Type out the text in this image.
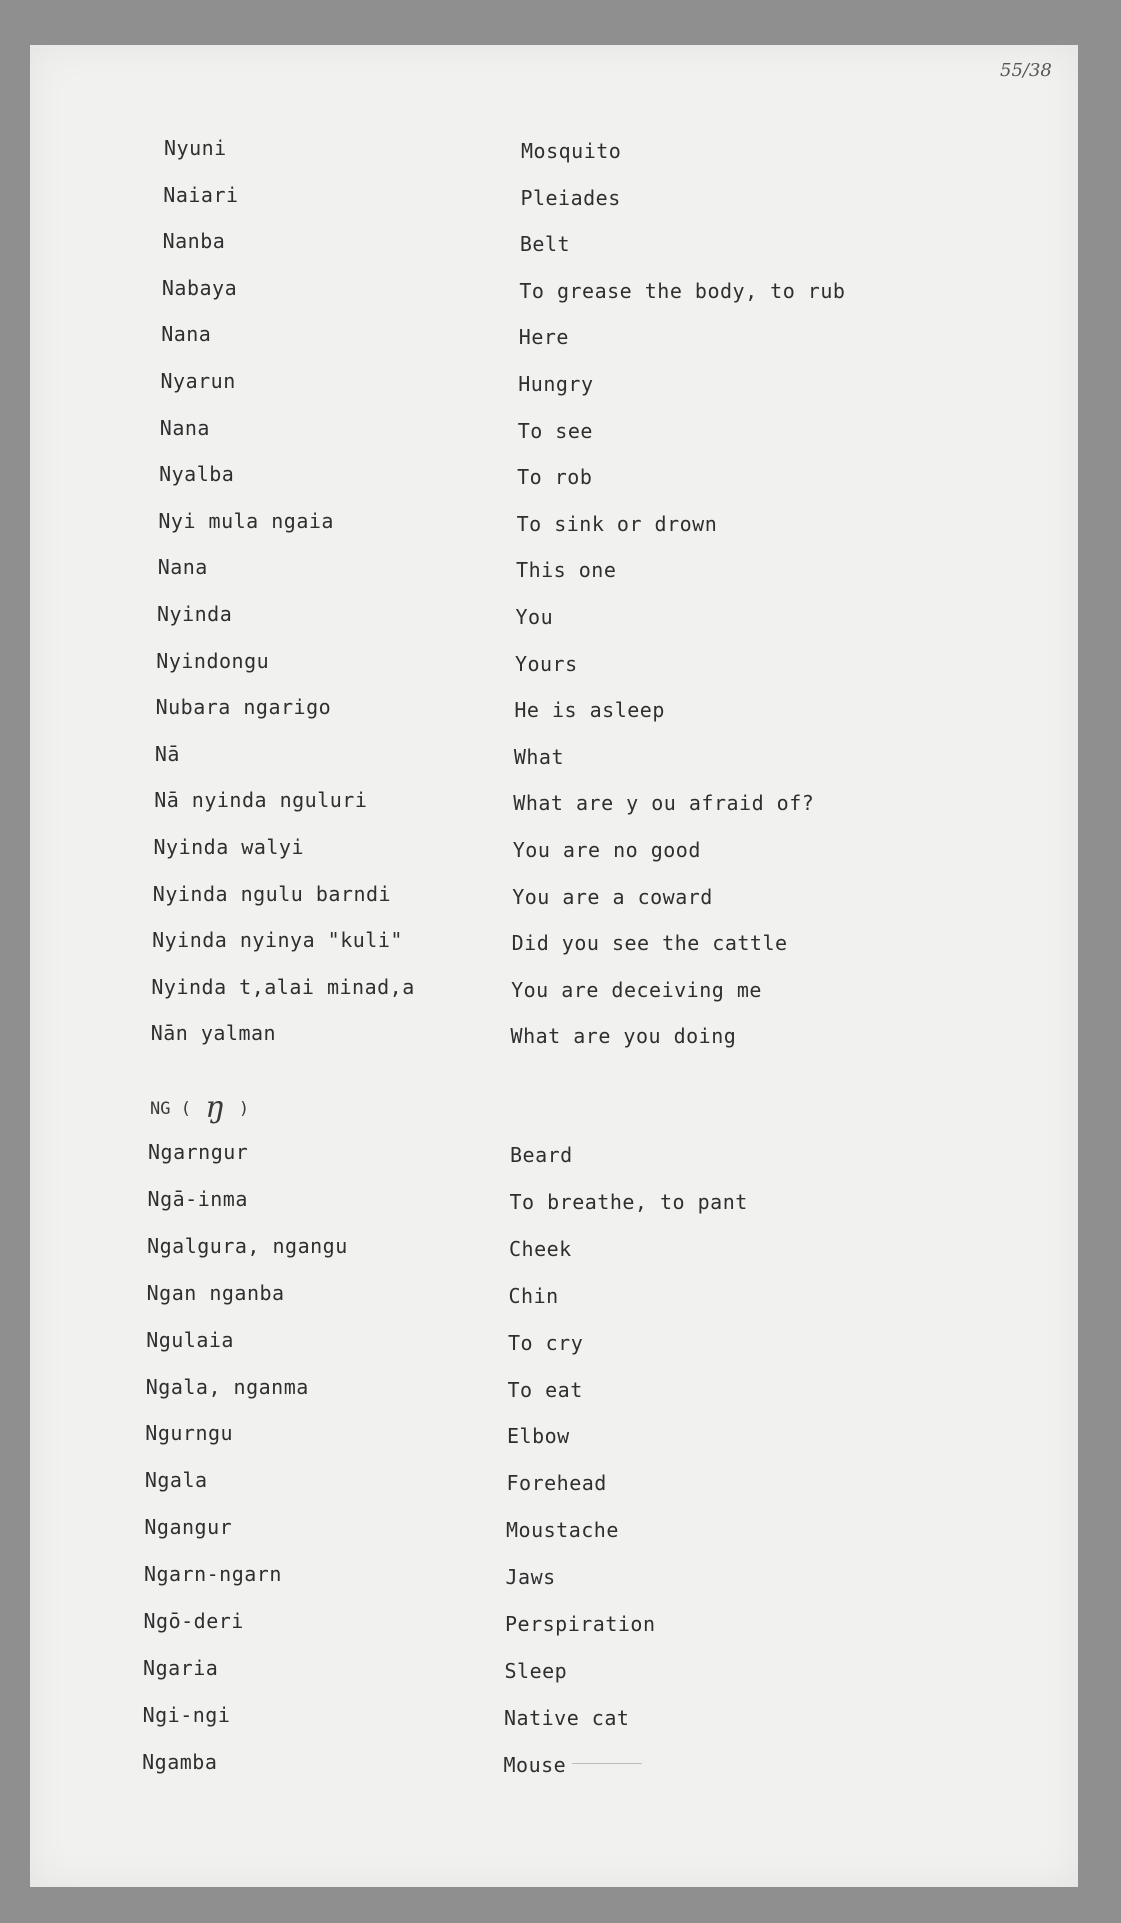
55/38
Nyuni	Mosquito
Naiari	Pleiades
Nanba	Belt
Nabaya	To grease the body, to rub
Nana	Here
Nyarun	Hungry
Nana	To see
Nyalba	To rob
Nyi mula ngaia	To sink or drown
Nana	This one
Nyinda	You
Nyindongu	Yours
Nubara ngarigo	He is asleep
Nā	What
Nā nyinda nguluri	What are y ou afraid of?
Nyinda walyi	You are no good
Nyinda ngulu barndi	You are a coward
Nyinda nyinya "kuli"	Did you see the cattle
Nyinda t,alai minad,a	You are deceiving me
Nān yalman	What are you doing
Ngarngur	Beard
Ngā-inma	To breathe, to pant
Ngalgura, ngangu	Cheek
Ngan nganba	Chin
Ngulaia	To cry
Ngala, nganma	To eat
Ngurngu	Elbow
Ngala	Forehead
Ngangur	Moustache
Ngarn-ngarn	Jaws
Ngō-deri	Perspiration
Ngaria	Sleep
Ngi-ngi	Native cat
Ngamba	Mouse
NG ( ŋ )
